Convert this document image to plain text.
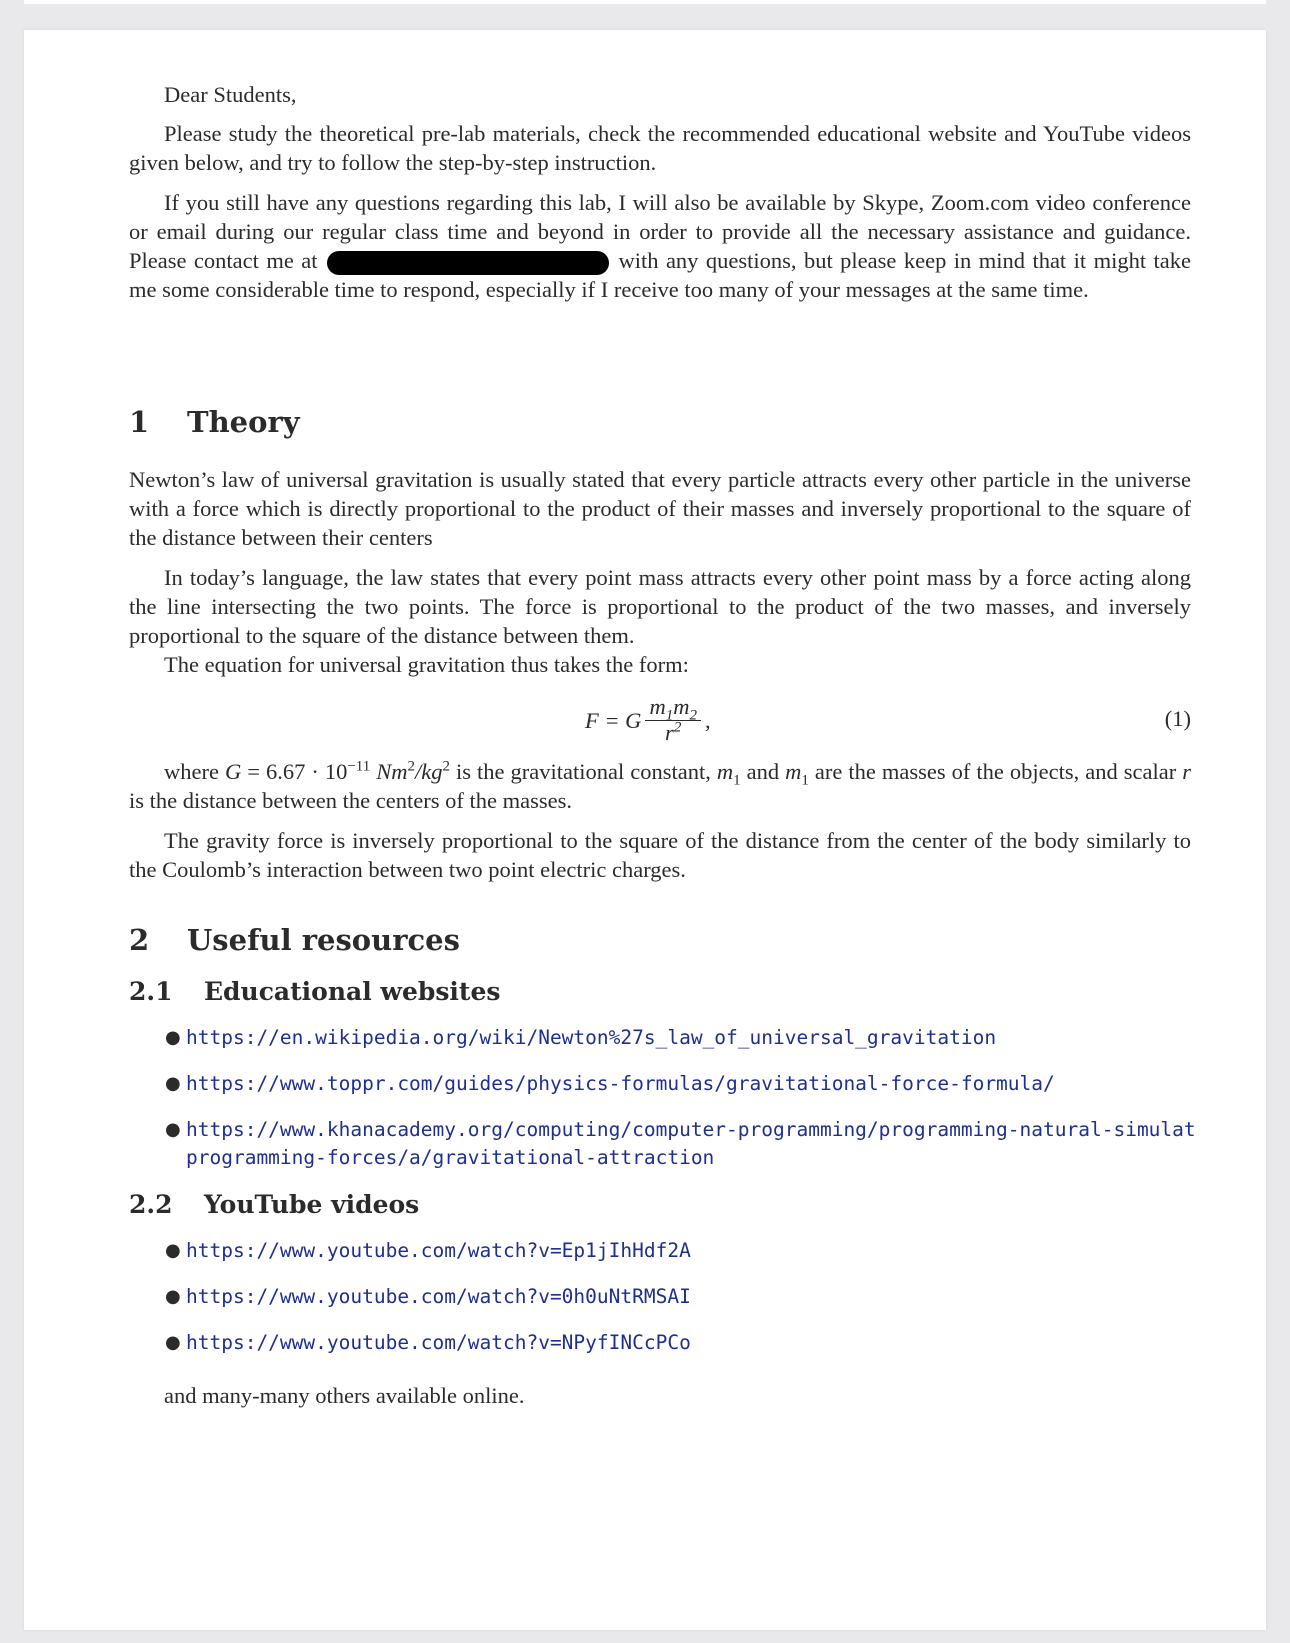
Dear Students,

Please study the theoretical pre-lab materials, check the recommended educational website and YouTube videos given below, and try to follow the step-by-step instruction.

If you still have any questions regarding this lab, I will also be available by Skype, Zoom.com video conference or email during our regular class time and beyond in order to provide all the necessary assistance and guidance. Please contact me at	with any questions, but please keep in mind that it might take me some considerable time to respond, especially if I receive too many of your messages at the same time.

1	Theory

Newton’s law of universal gravitation is usually stated that every particle attracts every other particle in the universe with a force which is directly proportional to the product of their masses and inversely proportional to the square of the distance between their centers

In today’s language, the law states that every point mass attracts every other point mass by a force acting along the line intersecting the two points. The force is proportional to the product of the two masses, and inversely proportional to the square of the distance between them.

The equation for universal gravitation thus takes the form:

F = G $\frac{m_1m_2}{r^2}$ ,	(1)

where $G = 6.67 \cdot 10^{-11}$ $Nm^2/kg^2$ is the gravitational constant, $m_1$ and $m_1$ are the masses of the objects, and scalar r is the distance between the centers of the masses.

The gravity force is inversely proportional to the square of the distance from the center of the body similarly to the Coulomb’s interaction between two point electric charges.

2	Useful resources
2.1	Educational websites
● https://en.wikipedia.org/wiki/Newton%27s_law_of_universal_gravitation
● https://www.toppr.com/guides/physics-formulas/gravitational-force-formula/
● https://www.khanacademy.org/computing/computer-programming/programming-natural-simulat
programming-forces/a/gravitational-attraction
2.2	YouTube videos
● https://www.youtube.com/watch?v=Ep1jIhHdf2A
● https://www.youtube.com/watch?v=0h0uNtRMSAI
● https://www.youtube.com/watch?v=NPyfINCcPCo

and many-many others available online.
